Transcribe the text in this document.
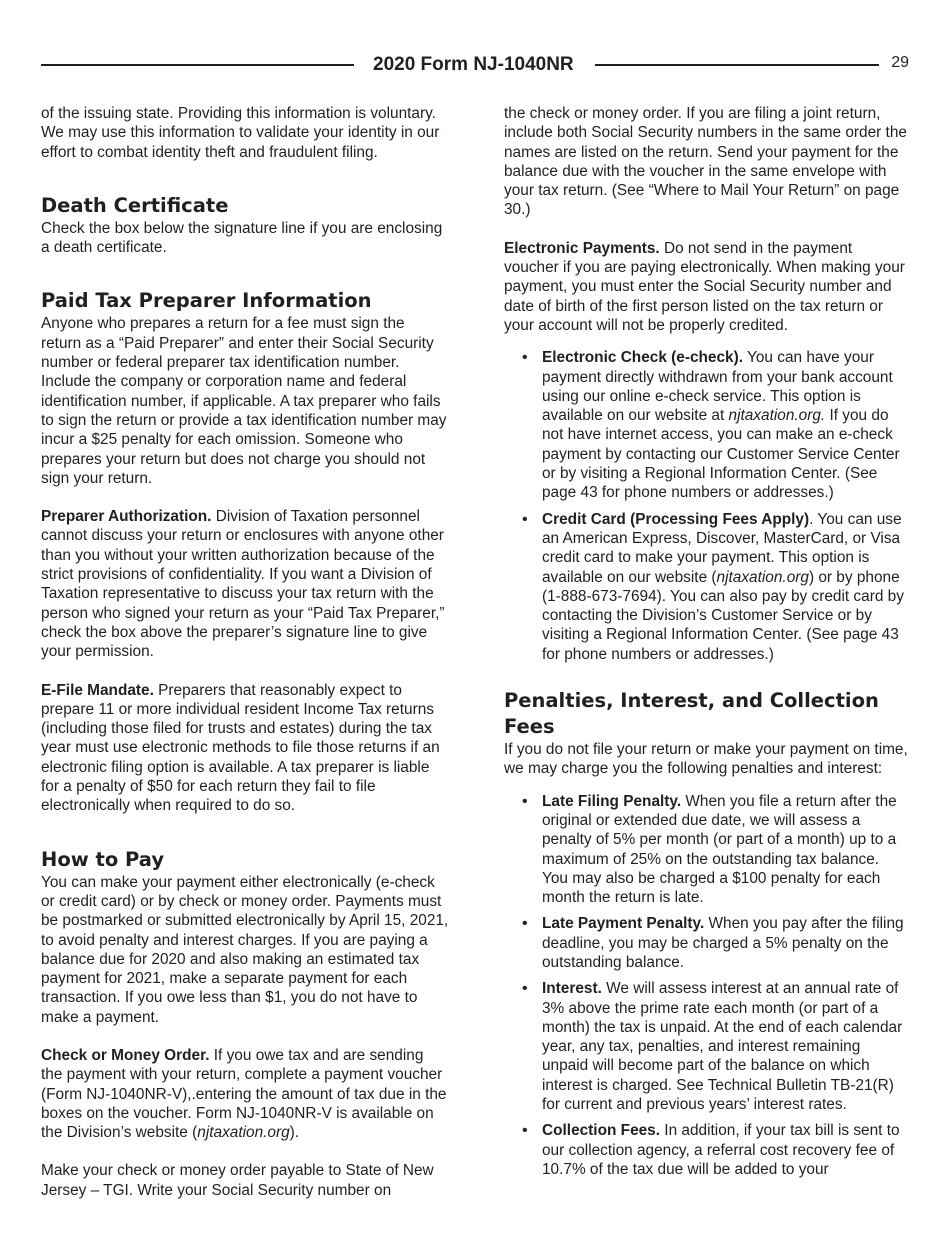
2020 Form NJ-1040NR	29

of the issuing state. Providing this information is voluntary. We may use this information to validate your identity in our effort to combat identity theft and fraudulent filing.

Death Certificate

Check the box below the signature line if you are enclosing a death certificate.

Paid Tax Preparer Information

Anyone who prepares a return for a fee must sign the return as a “Paid Preparer” and enter their Social Security number or federal preparer tax identification number. Include the company or corporation name and federal identification number, if applicable. A tax preparer who fails to sign the return or provide a tax identification number may incur a $25 penalty for each omission. Someone who prepares your return but does not charge you should not sign your return.

Preparer Authorization. Division of Taxation personnel cannot discuss your return or enclosures with anyone other than you without your written authorization because of the strict provisions of confidentiality. If you want a Division of Taxation representative to discuss your tax return with the person who signed your return as your “Paid Tax Preparer,” check the box above the preparer’s signature line to give your permission.

E-File Mandate. Preparers that reasonably expect to prepare 11 or more individual resident Income Tax returns (including those filed for trusts and estates) during the tax year must use electronic methods to file those returns if an electronic filing option is available. A tax preparer is liable for a penalty of $50 for each return they fail to file electronically when required to do so.

How to Pay

You can make your payment either electronically (e-check or credit card) or by check or money order. Payments must be postmarked or submitted electronically by April 15, 2021, to avoid penalty and interest charges. If you are paying a balance due for 2020 and also making an estimated tax payment for 2021, make a separate payment for each transaction. If you owe less than $1, you do not have to make a payment.

Check or Money Order. If you owe tax and are sending the payment with your return, complete a payment voucher (Form NJ-1040NR-V),.entering the amount of tax due in the boxes on the voucher. Form NJ-1040NR-V is available on the Division’s website (njtaxation.org).

Make your check or money order payable to State of New Jersey – TGI. Write your Social Security number on

the check or money order. If you are filing a joint return, include both Social Security numbers in the same order the names are listed on the return. Send your payment for the balance due with the voucher in the same envelope with your tax return. (See “Where to Mail Your Return” on page 30.)

Electronic Payments. Do not send in the payment voucher if you are paying electronically. When making your payment, you must enter the Social Security number and date of birth of the first person listed on the tax return or your account will not be properly credited.

• Electronic Check (e-check). You can have your payment directly withdrawn from your bank account using our online e-check service. This option is available on our website at njtaxation.org. If you do not have internet access, you can make an e-check payment by contacting our Customer Service Center or by visiting a Regional Information Center. (See page 43 for phone numbers or addresses.)
• Credit Card (Processing Fees Apply). You can use an American Express, Discover, MasterCard, or Visa credit card to make your payment. This option is available on our website (njtaxation.org) or by phone (1-888-673-7694). You can also pay by credit card by contacting the Division’s Customer Service or by visiting a Regional Information Center. (See page 43 for phone numbers or addresses.)
Penalties, Interest, and Collection Fees

If you do not file your return or make your payment on time, we may charge you the following penalties and interest:

• Late Filing Penalty. When you file a return after the original or extended due date, we will assess a penalty of 5% per month (or part of a month) up to a maximum of 25% on the outstanding tax balance. You may also be charged a $100 penalty for each month the return is late.
• Late Payment Penalty. When you pay after the filing deadline, you may be charged a 5% penalty on the outstanding balance.
• Interest. We will assess interest at an annual rate of 3% above the prime rate each month (or part of a month) the tax is unpaid. At the end of each calendar year, any tax, penalties, and interest remaining unpaid will become part of the balance on which interest is charged. See Technical Bulletin TB-21(R) for current and previous years’ interest rates.
• Collection Fees. In addition, if your tax bill is sent to our collection agency, a referral cost recovery fee of 10.7% of the tax due will be added to your
